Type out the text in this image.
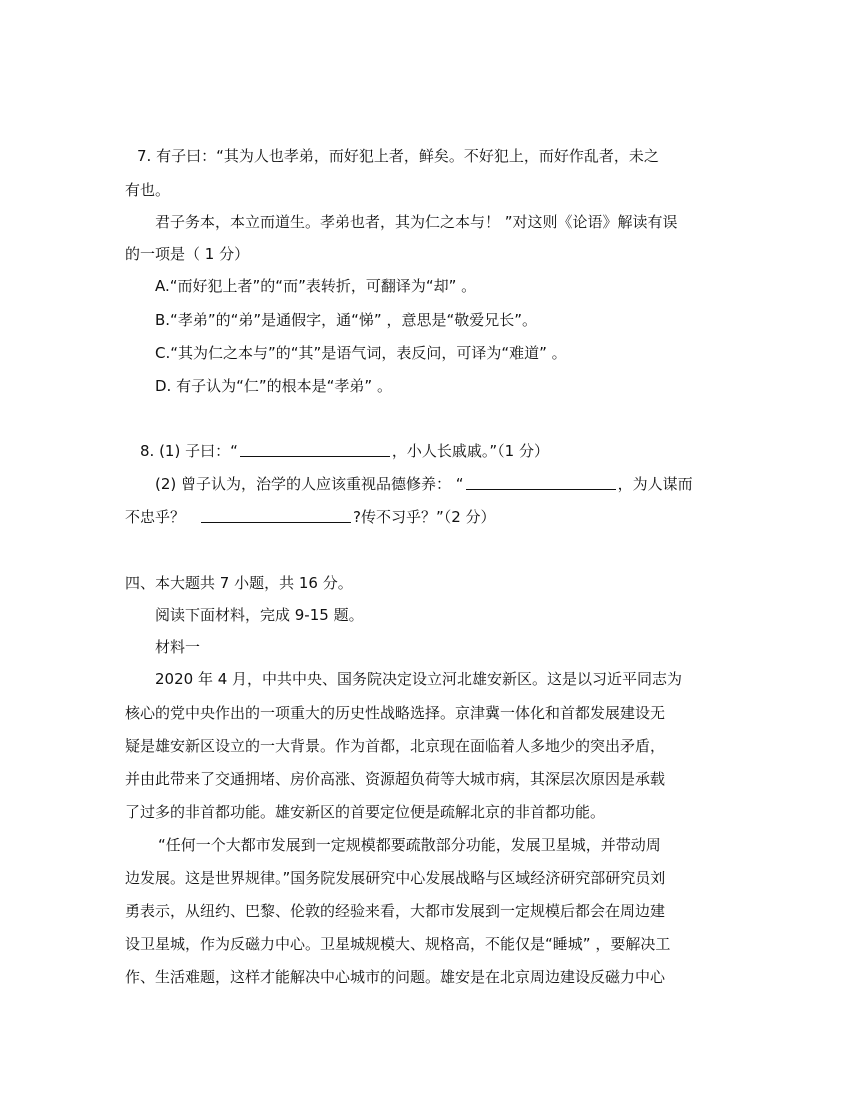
7. 有子曰：“其为人也孝弟，而好犯上者，鲜矣。不好犯上，而好作乱者，未之
有也。
君子务本，本立而道生。孝弟也者，其为仁之本与！ ”对这则《论语》解读有误
的一项是（ 1 分）
A.“而好犯上者”的“而”表转折，可翻译为“却” 。
B.“孝弟”的“弟”是通假字，通“悌” ，意思是“敬爱兄长”。
C.“其为仁之本与”的“其”是语气词，表反问，可译为“难道” 。
D. 有子认为“仁”的根本是“孝弟” 。
8. (1) 子曰：“	，小人长戚戚。”（1 分）
(2) 曾子认为，治学的人应该重视品德修养： “	，为人谋而
不忠乎？	?传不习乎？”（2 分）
四、本大题共 7 小题，共 16 分。
阅读下面材料，完成 9-15 题。
材料一
2020 年 4 月，中共中央、国务院决定设立河北雄安新区。这是以习近平同志为
核心的党中央作出的一项重大的历史性战略选择。京津冀一体化和首都发展建设无
疑是雄安新区设立的一大背景。作为首都，北京现在面临着人多地少的突出矛盾，
并由此带来了交通拥堵、房价高涨、资源超负荷等大城市病，其深层次原因是承载
了过多的非首都功能。雄安新区的首要定位便是疏解北京的非首都功能。
“任何一个大都市发展到一定规模都要疏散部分功能，发展卫星城，并带动周
边发展。这是世界规律。”国务院发展研究中心发展战略与区域经济研究部研究员刘
勇表示，从纽约、巴黎、伦敦的经验来看，大都市发展到一定规模后都会在周边建
设卫星城，作为反磁力中心。卫星城规模大、规格高，不能仅是“睡城” ，要解决工
作、生活难题，这样才能解决中心城市的问题。雄安是在北京周边建设反磁力中心
